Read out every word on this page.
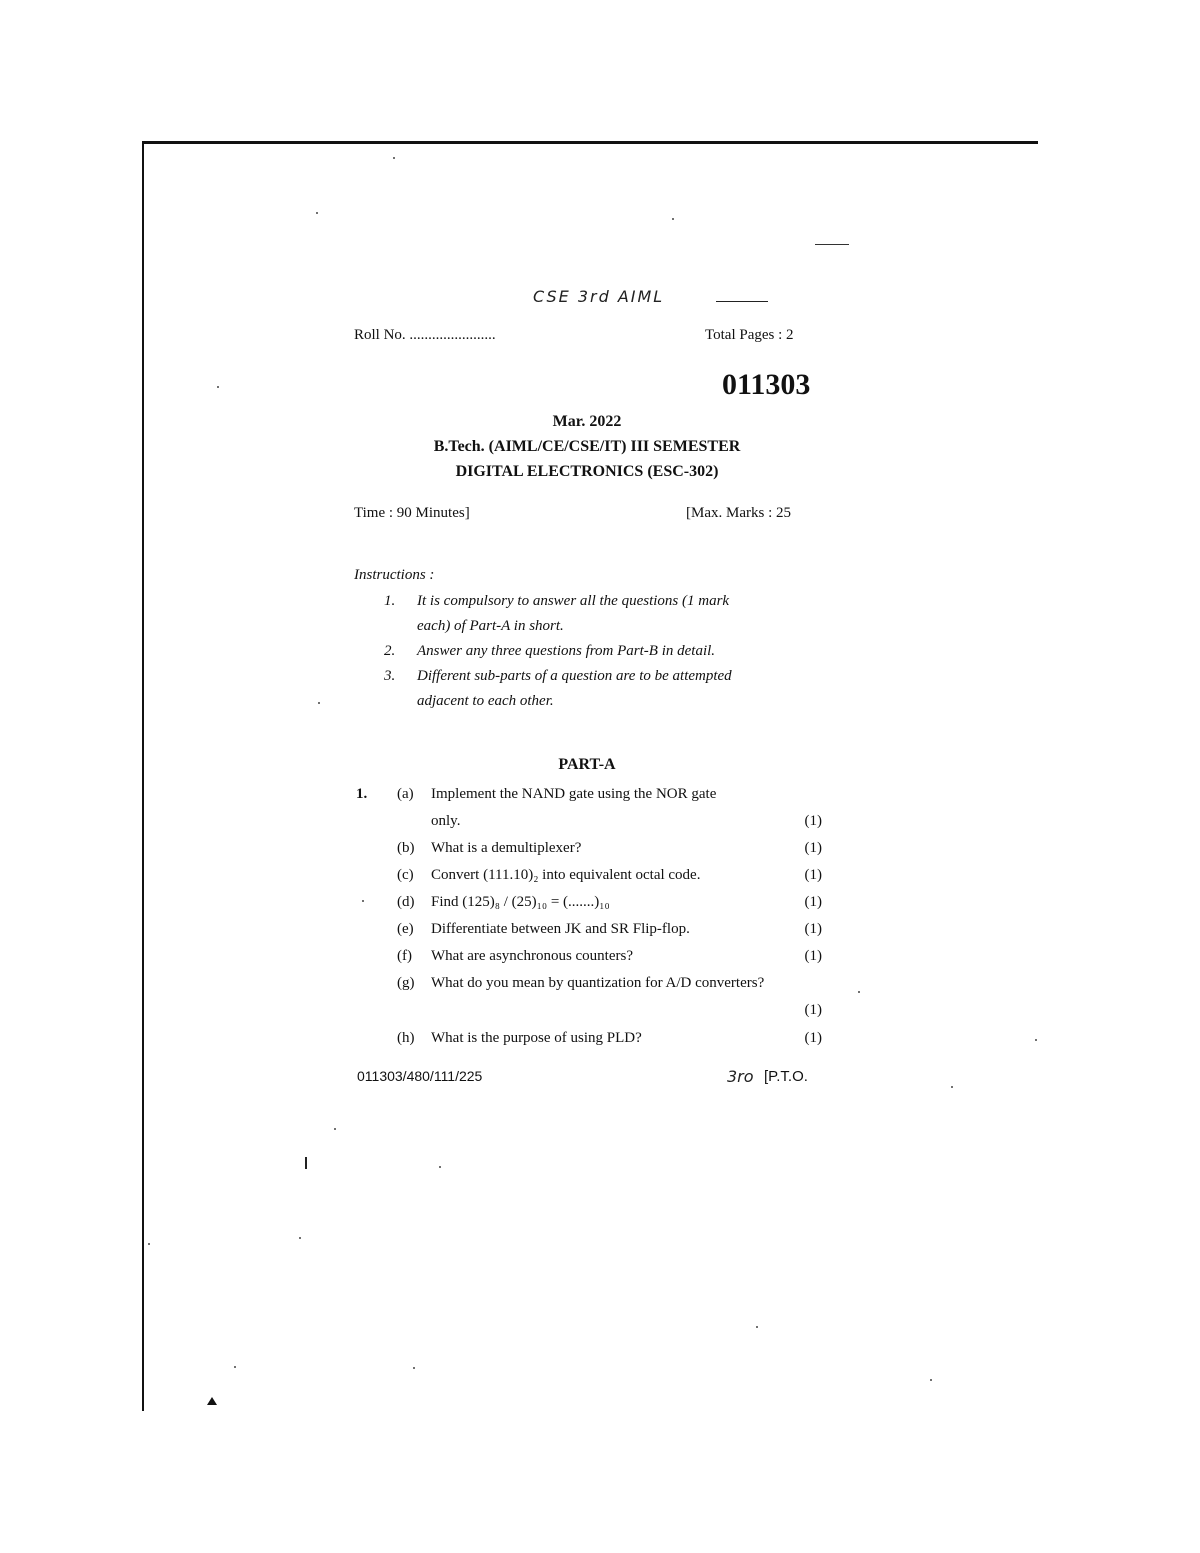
CSE 3rd AIML
Roll No. .......................	Total Pages : 2
011303
Mar. 2022
B.Tech. (AIML/CE/CSE/IT) III SEMESTER
DIGITAL ELECTRONICS (ESC-302)
Time : 90 Minutes]	[Max. Marks : 25
Instructions :
1. It is compulsory to answer all the questions (1 mark
each) of Part-A in short.
2. Answer any three questions from Part-B in detail.
3. Different sub-parts of a question are to be attempted
adjacent to each other.
PART-A
1. (a) Implement the NAND gate using the NOR gate
only.	(1)
(b) What is a demultiplexer?	(1)
(c) Convert (111.10)₂ into equivalent octal code.	(1)
(d) Find (125)₈ / (25)₁₀ = (.......)₁₀	(1)
(e) Differentiate between JK and SR Flip-flop.	(1)
(f) What are asynchronous counters?	(1)
(g) What do you mean by quantization for A/D converters?
(1)
(h) What is the purpose of using PLD?	(1)
011303/480/111/225	3ro [P.T.O.
